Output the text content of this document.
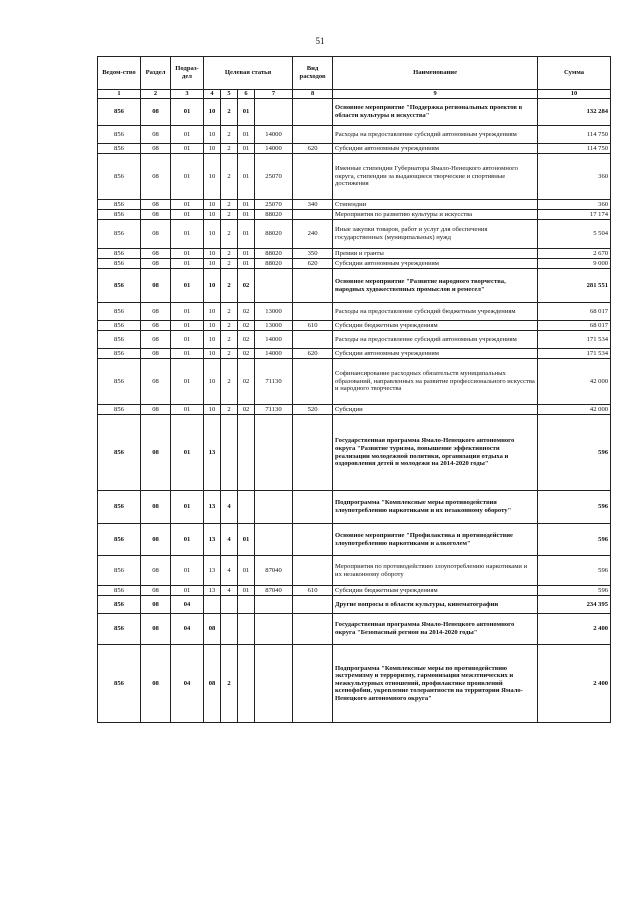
51
Ведом-ство	Раздел	Подраз-дел	Целевая статья				Вид расходов	Наименование	Сумма
1	2	3	4	5	6	7	8	9	10
856	08	01	10	2	01			Основное мероприятие "Поддержка региональных проектов в области культуры и искусства"	132 284
856	08	01	10	2	01	14000		Расходы на предоставление субсидий автономным учреждениям	114 750
856	08	01	10	2	01	14000	620	Субсидии автономным учреждениям	114 750
856	08	01	10	2	01	25070		Именные стипендии Губернатора Ямало-Ненецкого автономного округа, стипендии за выдающиеся творческие и спортивные достижения	360
856	08	01	10	2	01	25070	340	Стипендии	360
856	08	01	10	2	01	88020		Мероприятия по развитию культуры и искусства	17 174
856	08	01	10	2	01	88020	240	Иные закупки товаров, работ и услуг для обеспечения государственных (муниципальных) нужд	5 504
856	08	01	10	2	01	88020	350	Премии и гранты	2 670
856	08	01	10	2	01	88020	620	Субсидии автономным учреждениям	9 000
856	08	01	10	2	02			Основное мероприятие "Развитие народного творчества, народных художественных промыслов и ремесел"	281 551
856	08	01	10	2	02	13000		Расходы на предоставление субсидий бюджетным учреждениям	68 017
856	08	01	10	2	02	13000	610	Субсидии бюджетным учреждениям	68 017
856	08	01	10	2	02	14000		Расходы на предоставление субсидий автономным учреждениям	171 534
856	08	01	10	2	02	14000	620	Субсидии автономным учреждениям	171 534
856	08	01	10	2	02	71130		Софинансирование расходных обязательств муниципальных образований, направленных на развитие профессионального искусства и народного творчества	42 000
856	08	01	10	2	02	71130	520	Субсидии	42 000
856	08	01	13					Государственная программа Ямало-Ненецкого автономного округа "Развитие туризма, повышение эффективности реализации молодежной политики, организация отдыха и оздоровления детей и молодежи на 2014-2020 годы"	596
856	08	01	13	4				Подпрограмма "Комплексные меры противодействия злоупотреблению наркотиками и их незаконному обороту"	596
856	08	01	13	4	01			Основное мероприятие "Профилактика и противодействие злоупотреблению наркотиками и алкоголем"	596
856	08	01	13	4	01	87040		Мероприятия по противодействию злоупотреблению наркотиками и их незаконному обороту	596
856	08	01	13	4	01	87040	610	Субсидии бюджетным учреждениям	596
856	08	04						Другие вопросы в области культуры, кинематографии	234 395
856	08	04	08					Государственная программа Ямало-Ненецкого автономного округа "Безопасный регион на 2014-2020 годы"	2 400
856	08	04	08	2				Подпрограмма "Комплексные меры по противодействию экстремизму и терроризму, гармонизация межэтнических и межкультурных отношений, профилактике проявлений ксенофобии, укрепление толерантности на территории Ямало-Ненецкого автономного округа"	2 400
